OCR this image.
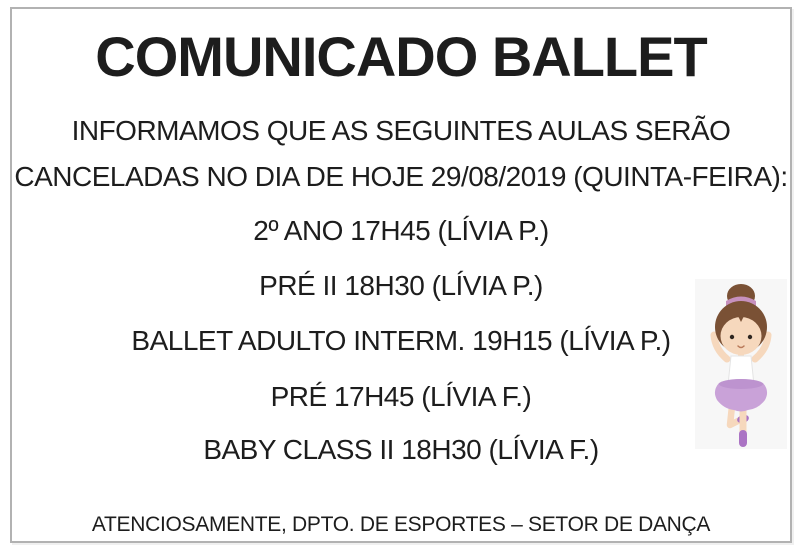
COMUNICADO BALLET
INFORMAMOS QUE AS SEGUINTES AULAS SERÃO
CANCELADAS NO DIA DE HOJE 29/08/2019 (QUINTA-FEIRA):
2º ANO 17H45 (LÍVIA P.)
PRÉ II 18H30 (LÍVIA P.)
BALLET ADULTO INTERM. 19H15 (LÍVIA P.)
PRÉ 17H45 (LÍVIA F.)
BABY CLASS II 18H30 (LÍVIA F.)
ATENCIOSAMENTE, DPTO. DE ESPORTES – SETOR DE DANÇA
